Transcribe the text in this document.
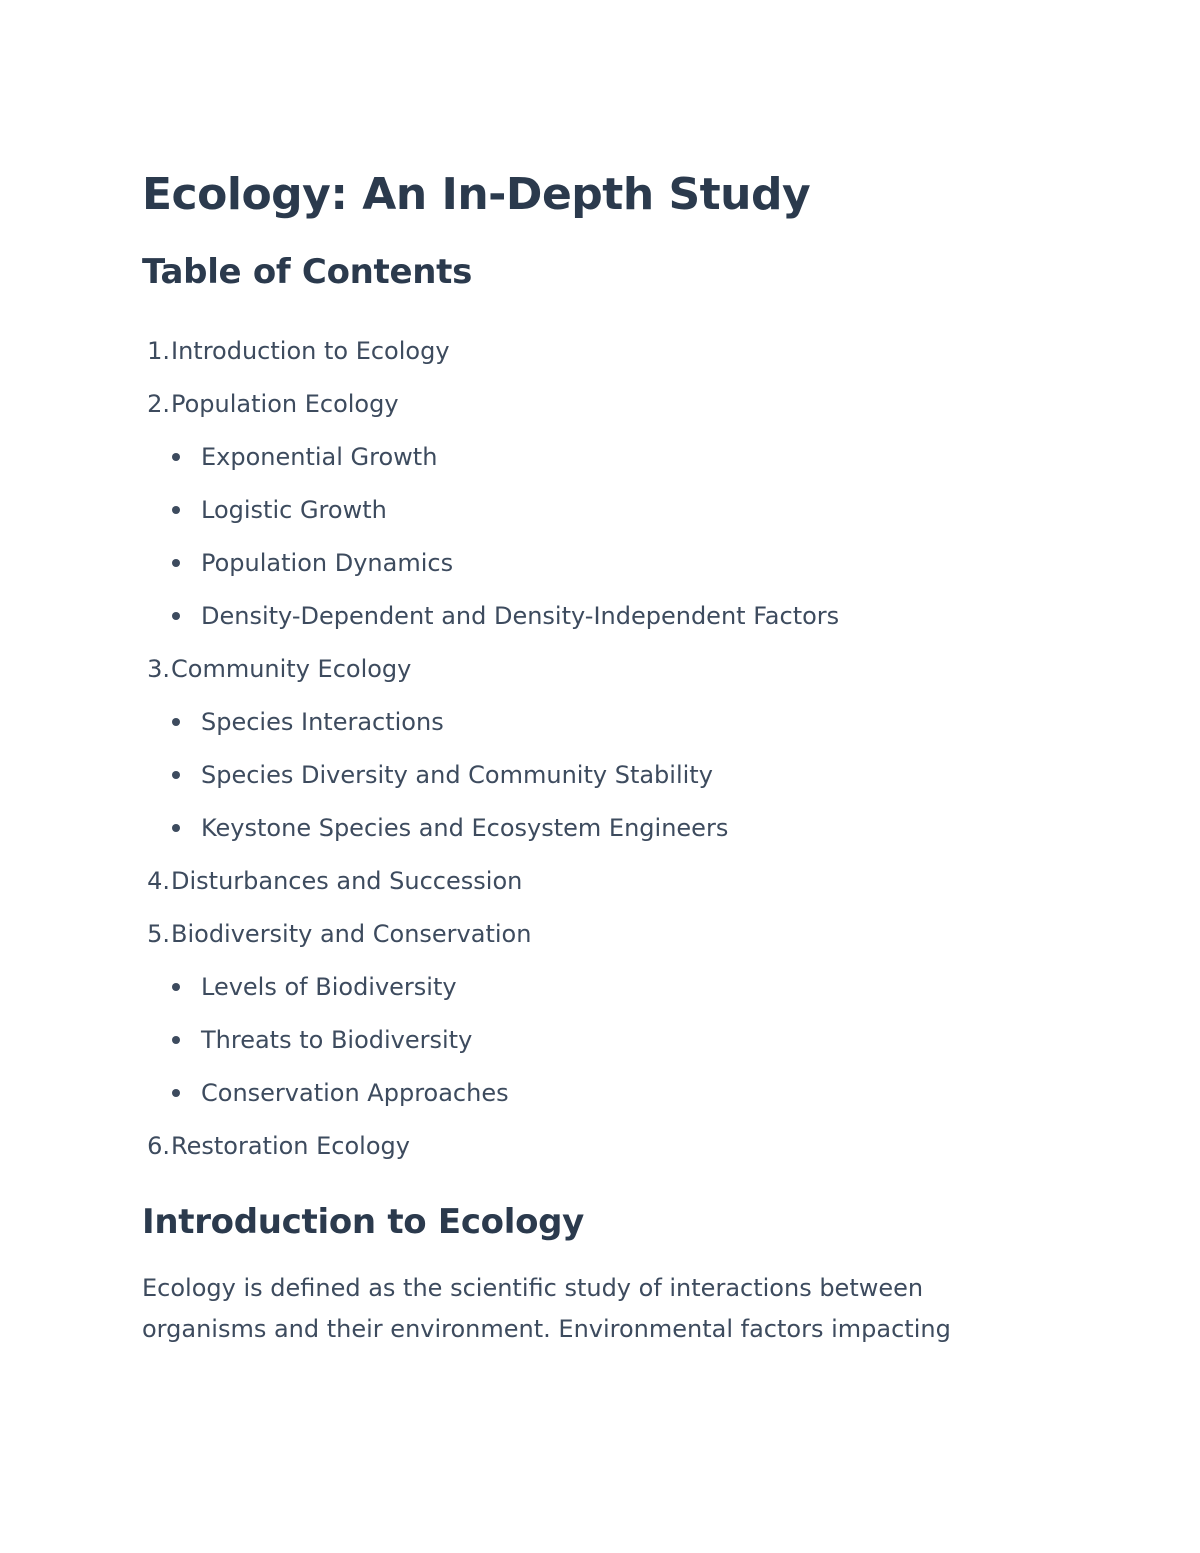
Ecology: An In-Depth Study
Table of Contents
1. Introduction to Ecology
2. Population Ecology
Exponential Growth
Logistic Growth
Population Dynamics
Density-Dependent and Density-Independent Factors
3. Community Ecology
Species Interactions
Species Diversity and Community Stability
Keystone Species and Ecosystem Engineers
4. Disturbances and Succession
5. Biodiversity and Conservation
Levels of Biodiversity
Threats to Biodiversity
Conservation Approaches
6. Restoration Ecology
Introduction to Ecology

Ecology is defined as the scientific study of interactions between organisms and their environment. Environmental factors impacting
